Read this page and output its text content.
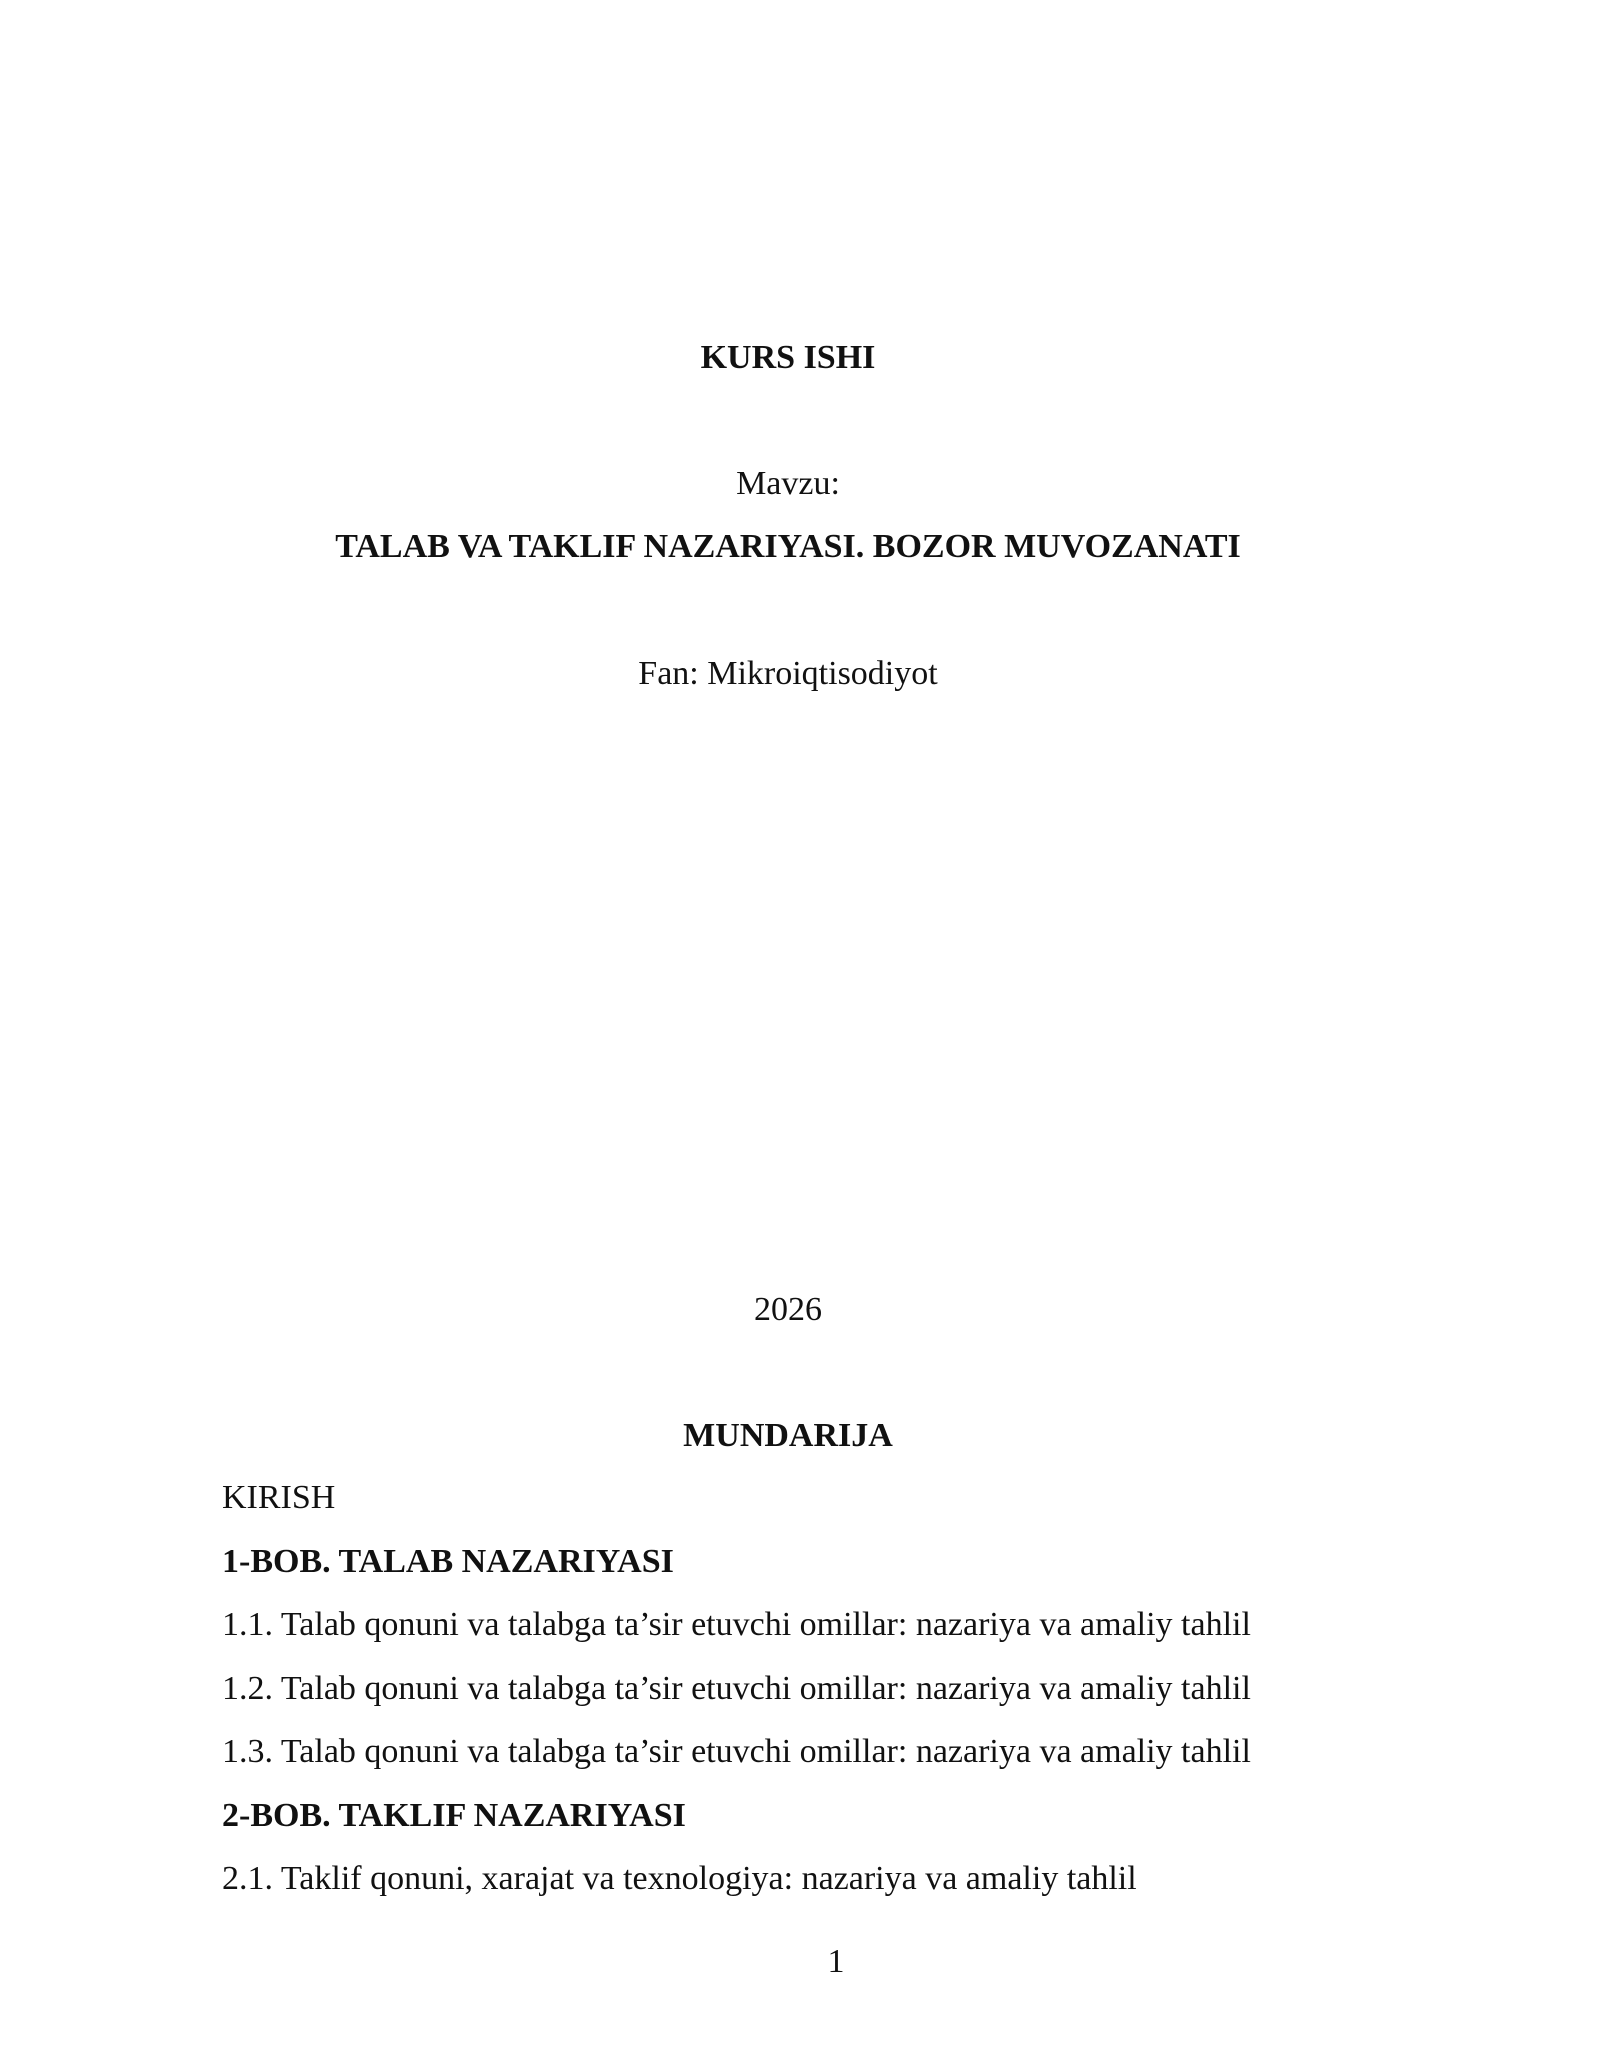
KURS ISHI
Mavzu:
TALAB VA TAKLIF NAZARIYASI. BOZOR MUVOZANATI
Fan: Mikroiqtisodiyot
2026
MUNDARIJA
KIRISH
1-BOB. TALAB NAZARIYASI
1.1. Talab qonuni va talabga ta’sir etuvchi omillar: nazariya va amaliy tahlil
1.2. Talab qonuni va talabga ta’sir etuvchi omillar: nazariya va amaliy tahlil
1.3. Talab qonuni va talabga ta’sir etuvchi omillar: nazariya va amaliy tahlil
2-BOB. TAKLIF NAZARIYASI
2.1. Taklif qonuni, xarajat va texnologiya: nazariya va amaliy tahlil
1
